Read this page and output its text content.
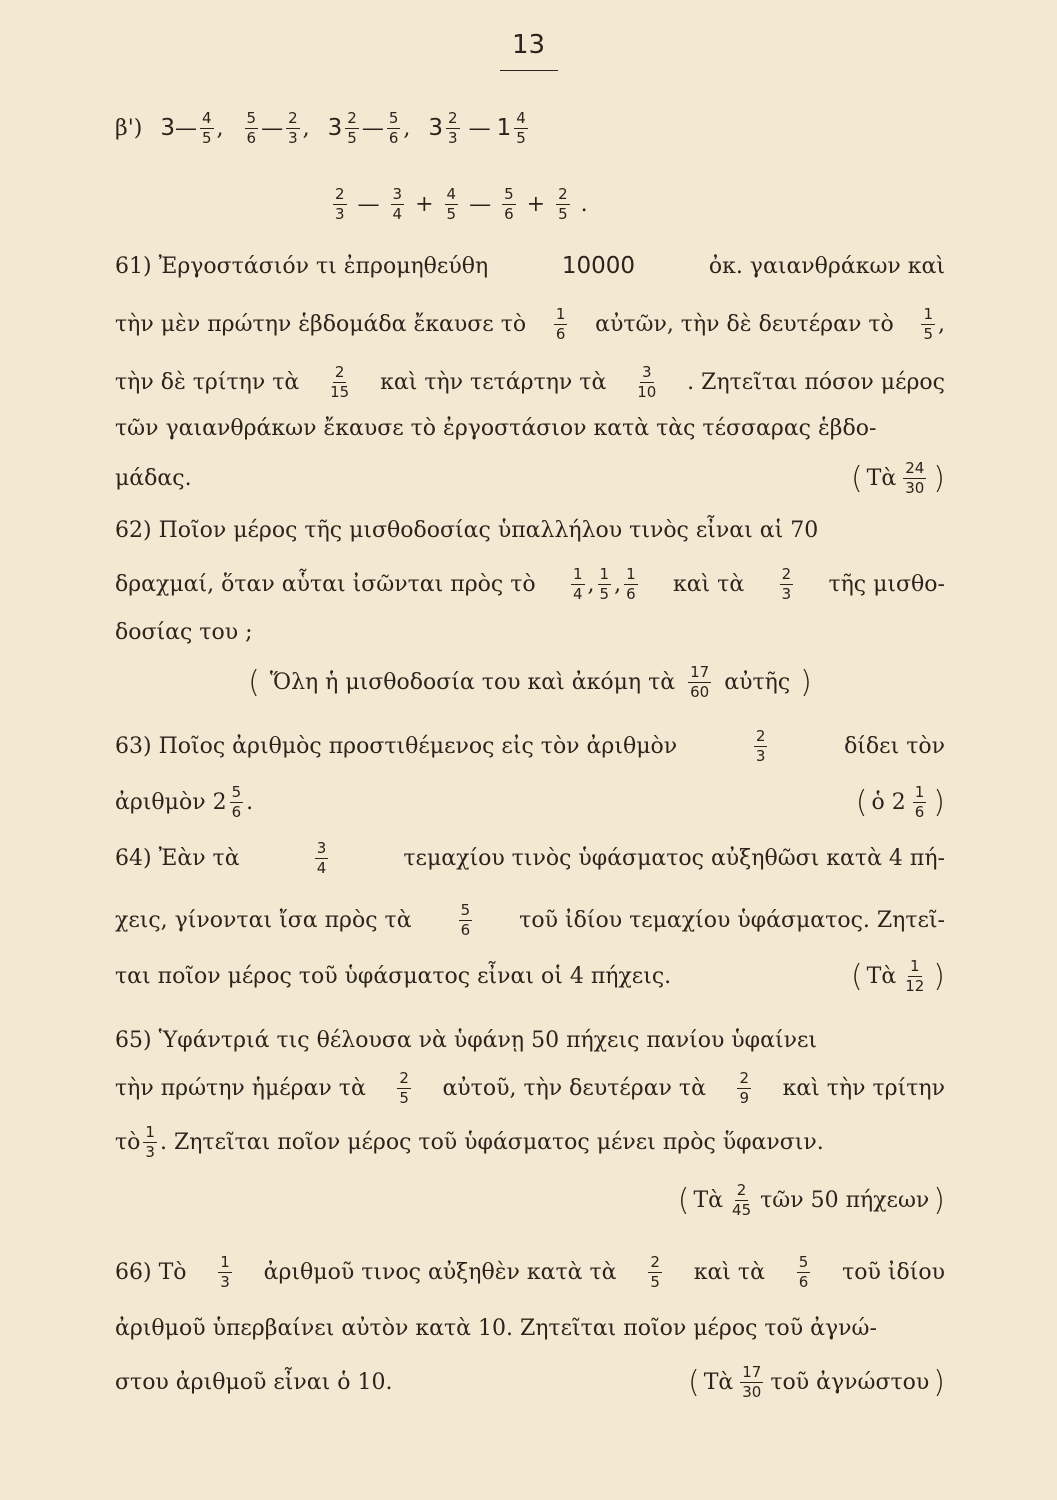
13
β') 3 — 4
5 , 5
6 — 2
3 , 3 2
5 — 5
6 , 3 2
3 — 1 4
5
2
3 — 3
$4 + \frac{4}{5}$ — 5
$6 + \frac{2}{5}$ .
61) Ἐργοστάσιόν τι ἐπρομηθεύθη	10000	ὀκ. γαιανθράκων καὶ
τὴν μὲν πρώτην ἑβδομάδα ἔκαυσε τὸ 1
6 αὐτῶν, τὴν δὲ δευτέραν τὸ 1
5 ,
τὴν δὲ τρίτην τὰ 2
15 καὶ τὴν τετάρτην τὰ 3
10 . Ζητεῖται πόσον μέρος
τῶν γαιανθράκων ἔκαυσε τὸ ἐργοστάσιον κατὰ τὰς τέσσαρας ἑβδο-
μάδας.	( Τὰ 24
30 )
62) Ποῖον μέρος τῆς μισθοδοσίας ὑπαλλήλου τινὸς εἶναι αἱ 70
δραχμαί, ὅταν αὗται ἰσῶνται πρὸς τὸ 1
4 , 1
5 , 1
6 καὶ τὰ 2
3 τῆς μισθο-
δοσίας του ;
( Ὅλη ἡ μισθοδοσία του καὶ ἀκόμη τὰ 17
60 αὐτῆς )
63) Ποῖος ἀριθμὸς προστιθέμενος εἰς τὸν ἀριθμὸν	2
3	δίδει τὸν
ἀριθμὸν 2 5
6 .	( ὁ 2 1
6 )
64) Ἐὰν τὰ	3
4	τεμαχίου τινὸς ὑφάσματος αὐξηθῶσι κατὰ 4 πή-
χεις, γίνονται ἴσα πρὸς τὰ	5
6 τοῦ ἰδίου τεμαχίου ὑφάσματος. Ζητεῖ-
ται ποῖον μέρος τοῦ ὑφάσματος εἶναι οἱ 4 πήχεις.	( Τὰ 1
12 )
65) Ὑφάντριά τις θέλουσα νὰ ὑφάνῃ 50 πήχεις πανίου ὑφαίνει
τὴν πρώτην ἡμέραν τὰ 2
5 αὐτοῦ, τὴν δευτέραν τὰ 2
9 καὶ τὴν τρίτην
τὸ 1
3 . Ζητεῖται ποῖον μέρος τοῦ ὑφάσματος μένει πρὸς ὕφανσιν.
( Τὰ 2
45 τῶν 50 πήχεων )
66) Τὸ 1
3 ἀριθμοῦ τινος αὐξηθὲν κατὰ τὰ 2
5 καὶ τὰ 5
6 τοῦ ἰδίου
ἀριθμοῦ ὑπερβαίνει αὐτὸν κατὰ 10. Ζητεῖται ποῖον μέρος τοῦ ἀγνώ-
στου ἀριθμοῦ εἶναι ὁ 10.	( Τὰ 17
30 τοῦ ἀγνώστου )
